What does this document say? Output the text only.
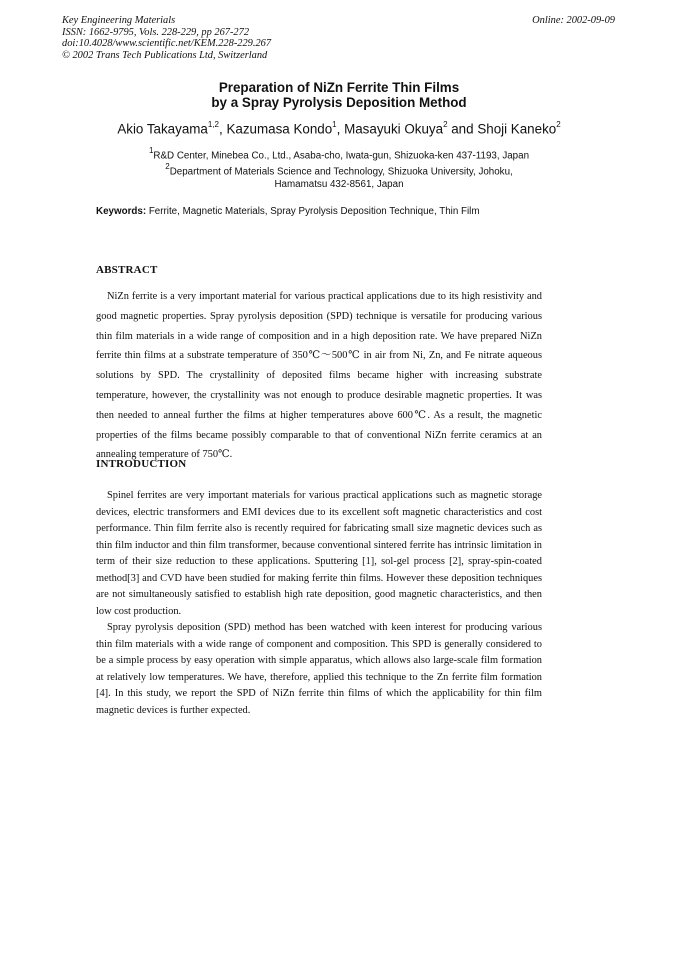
Key Engineering Materials
ISSN: 1662-9795, Vols. 228-229, pp 267-272
doi:10.4028/www.scientific.net/KEM.228-229.267
© 2002 Trans Tech Publications Ltd, Switzerland
Online: 2002-09-09
Preparation of NiZn Ferrite Thin Films
by a Spray Pyrolysis Deposition Method
Akio Takayama$^{1,2}$, Kazumasa Kondo$^1$, Masayuki Okuya$^2$ and Shoji Kaneko$^2$
$^1$R&D Center, Minebea Co., Ltd., Asaba-cho, Iwata-gun, Shizuoka-ken 437-1193, Japan
$^2$Department of Materials Science and Technology, Shizuoka University, Johoku,
Hamamatsu 432-8561, Japan
Keywords: Ferrite, Magnetic Materials, Spray Pyrolysis Deposition Technique, Thin Film
ABSTRACT

NiZn ferrite is a very important material for various practical applications due to its high resistivity and good magnetic properties. Spray pyrolysis deposition (SPD) technique is versatile for producing various thin film materials in a wide range of composition and in a high deposition rate. We have prepared NiZn ferrite thin films at a substrate temperature of 350℃～500℃ in air from Ni, Zn, and Fe nitrate aqueous solutions by SPD. The crystallinity of deposited films became higher with increasing substrate temperature, however, the crystallinity was not enough to produce desirable magnetic properties. It was then needed to anneal further the films at higher temperatures above 600℃. As a result, the magnetic properties of the films became possibly comparable to that of conventional NiZn ferrite ceramics at an annealing temperature of 750℃.

INTRODUCTION

Spinel ferrites are very important materials for various practical applications such as magnetic storage devices, electric transformers and EMI devices due to its excellent soft magnetic characteristics and cost performance. Thin film ferrite also is recently required for fabricating small size magnetic devices such as thin film inductor and thin film transformer, because conventional sintered ferrite has intrinsic limitation in term of their size reduction to these applications. Sputtering [1], sol-gel process [2], spray-spin-coated method[3] and CVD have been studied for making ferrite thin films. However these deposition techniques are not simultaneously satisfied to establish high rate deposition, good magnetic characteristics, and then low cost production.

Spray pyrolysis deposition (SPD) method has been watched with keen interest for producing various thin film materials with a wide range of component and composition. This SPD is generally considered to be a simple process by easy operation with simple apparatus, which allows also large-scale film formation at relatively low temperatures. We have, therefore, applied this technique to the Zn ferrite film formation [4]. In this study, we report the SPD of NiZn ferrite thin films of which the applicability for thin film magnetic devices is further expected.
